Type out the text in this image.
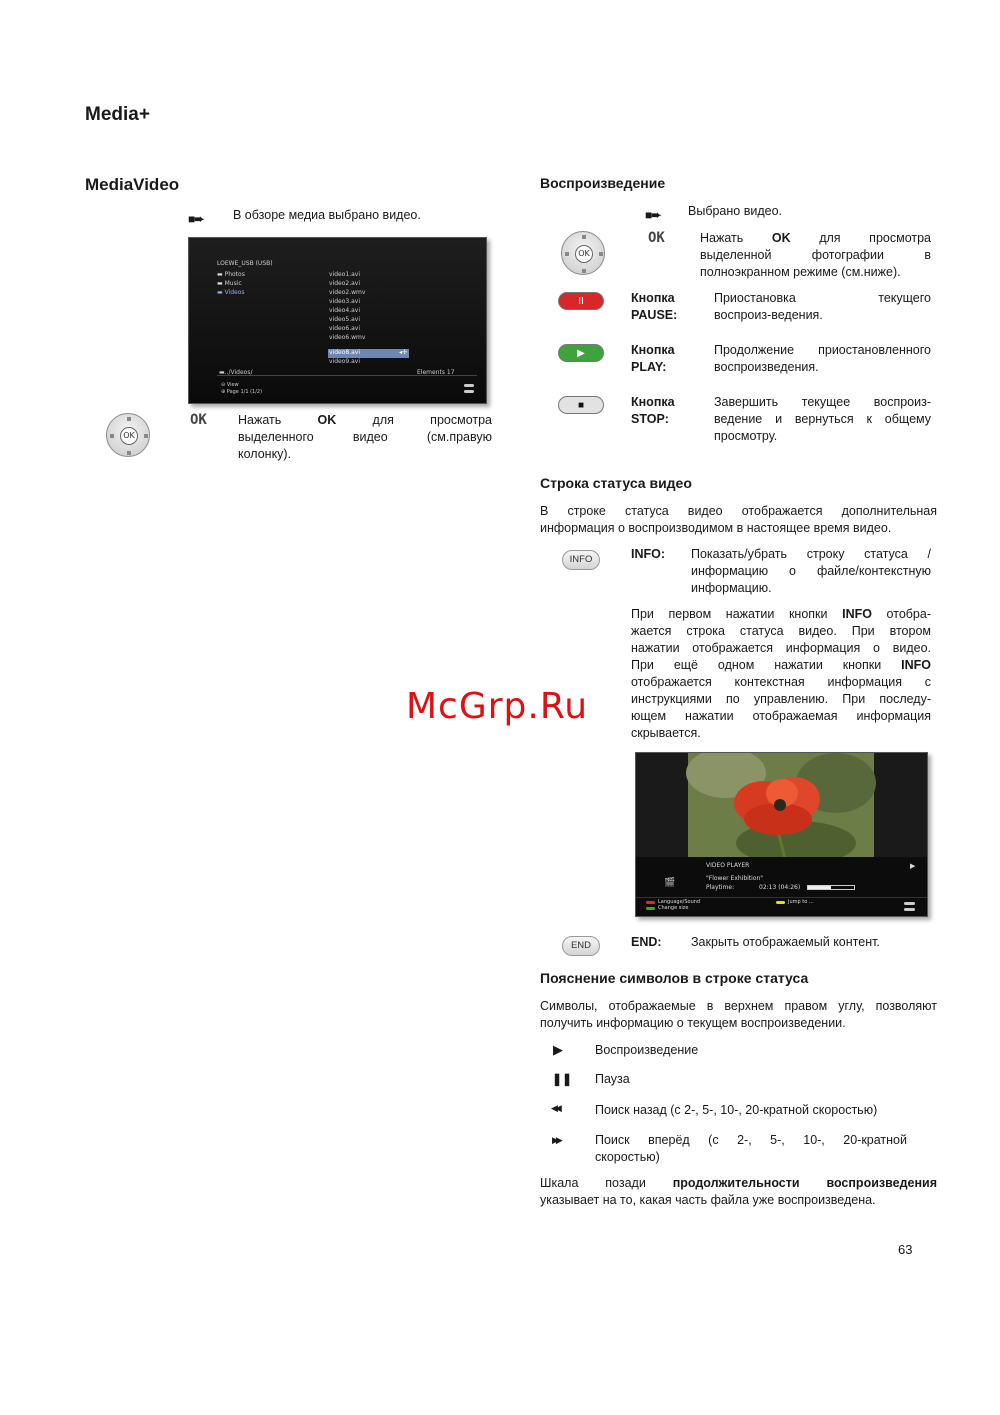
Media+
MediaVideo
■➨ В обзоре медиа выбрано видео.
LOEWE_USB (USB)
▬ Photos
▬ Music
▬ Videos
video1.avi
video2.avi
video2.wmv
video3.avi
video4.avi
video5.avi
video6.avi
video6.wmv
video8.avi	◂✣
video9.avi
▬../Videos/	Elements 17
⊖ View
⊕ Page 1/1 (1/2)
OK
OK Нажать OK для просмотра
выделенного видео (см.правую
колонку).
Воспроизведение
■➨ Выбрано видео.
OK
OK	Нажать OK для просмотра
выделенной фотографии в
полноэкранном режиме (см.ниже).
II	Кнопка
PAUSE:
Приостановка текущего
воспроиз-ведения.
▶	Кнопка
PLAY:
Продолжение приостановленного
воспроизведения.
■	Кнопка
STOP:
Завершить текущее воспроиз-
ведение и вернуться к общему
просмотру.
Строка статуса видео
В строке статуса видео отображается дополнительная
информация о воспроизводимом в настоящее время видео.
INFO	INFO: Показать/убрать строку статуса /
информацию о файле/контекстную
информацию.
При первом нажатии кнопки INFO отобра-
жается строка статуса видео. При втором
нажатии отображается информация о видео.
При ещё одном нажатии кнопки INFO
отображается контекстная информация с
инструкциями по управлению. При последу-
ющем нажатии отображаемая информация
скрывается.
🎬
VIDEO PLAYER	▶
"Flower Exhibition"
Playtime:	02:13 (04:26)
Language/Sound
Change size
Jump to ...
END	END: Закрыть отображаемый контент.
Пояснение символов в строке статуса
Символы, отображаемые в верхнем правом углу, позволяют
получить информацию о текущем воспроизведении.
▶	Воспроизведение
❚❚ Пауза
◀◀	Поиск назад (с 2-, 5-, 10-, 20-кратной скоростью)
▶▶	Поиск вперёд (с 2-, 5-, 10-, 20-кратной
скоростью)
Шкала позади продолжительности воспроизведения
указывает на то, какая часть файла уже воспроизведена.
McGrp.Ru
63
